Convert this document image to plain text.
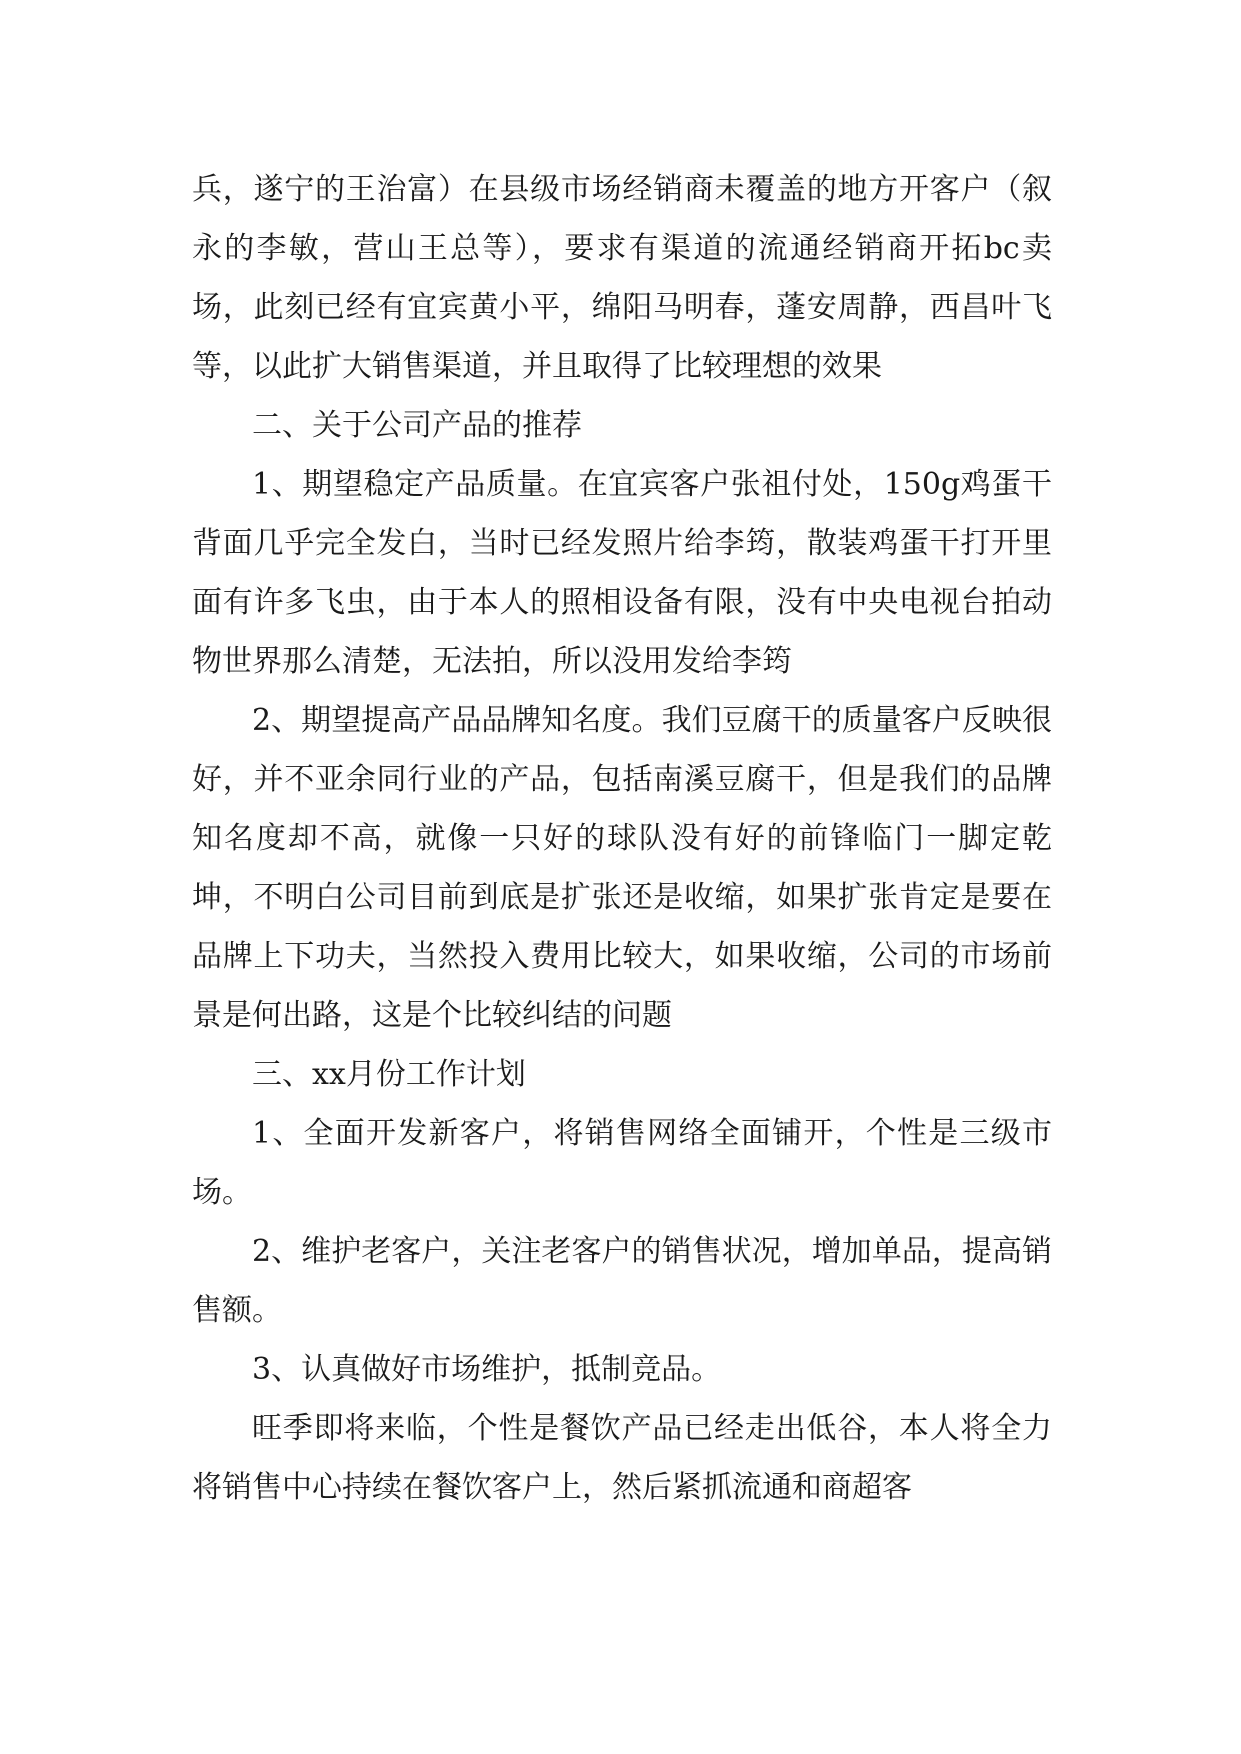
兵，遂宁的王治富）在县级市场经销商未覆盖的地方开客户（叙永的李敏，营山王总等），要求有渠道的流通经销商开拓bc卖场，此刻已经有宜宾黄小平，绵阳马明春，蓬安周静，西昌叶飞等，以此扩大销售渠道，并且取得了比较理想的效果

二、关于公司产品的推荐

1、期望稳定产品质量。在宜宾客户张祖付处，150g鸡蛋干背面几乎完全发白，当时已经发照片给李筠，散装鸡蛋干打开里面有许多飞虫，由于本人的照相设备有限，没有中央电视台拍动物世界那么清楚，无法拍，所以没用发给李筠

2、期望提高产品品牌知名度。我们豆腐干的质量客户反映很好，并不亚余同行业的产品，包括南溪豆腐干，但是我们的品牌知名度却不高，就像一只好的球队没有好的前锋临门一脚定乾坤，不明白公司目前到底是扩张还是收缩，如果扩张肯定是要在品牌上下功夫，当然投入费用比较大，如果收缩，公司的市场前景是何出路，这是个比较纠结的问题

三、xx月份工作计划

1、全面开发新客户，将销售网络全面铺开，个性是三级市场。

2、维护老客户，关注老客户的销售状况，增加单品，提高销售额。

3、认真做好市场维护，抵制竞品。

旺季即将来临，个性是餐饮产品已经走出低谷，本人将全力将销售中心持续在餐饮客户上，然后紧抓流通和商超客
